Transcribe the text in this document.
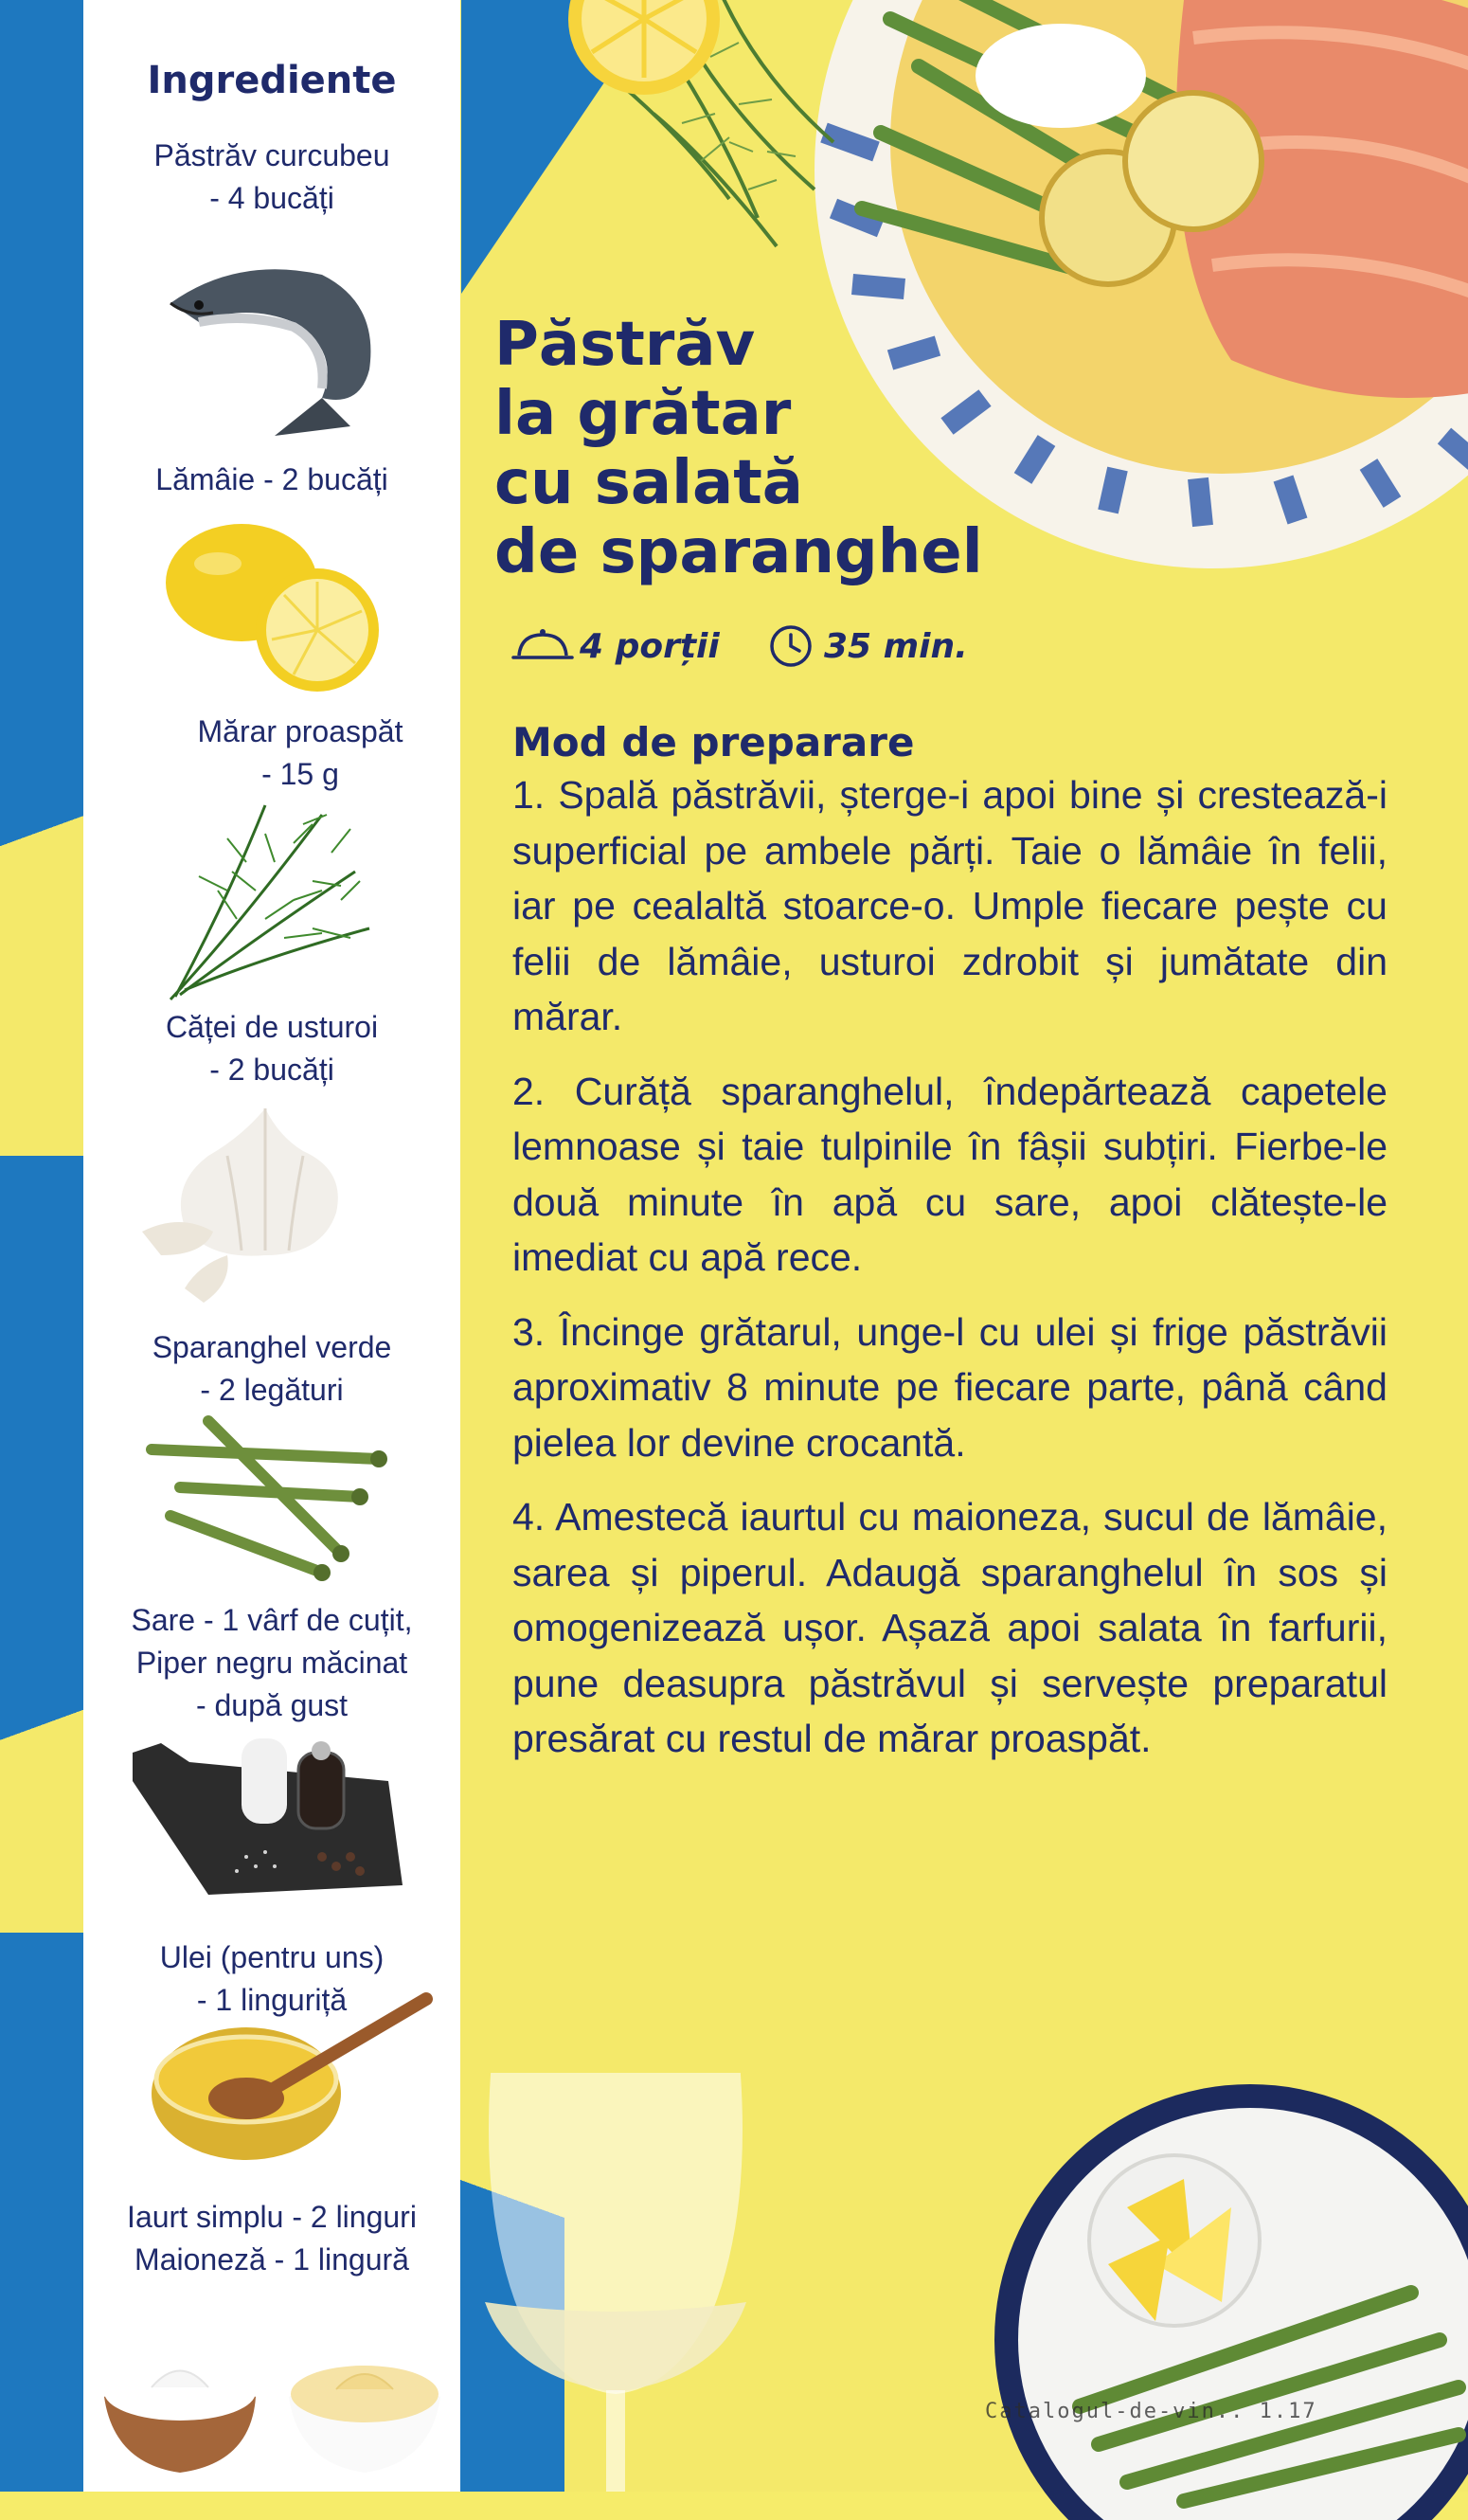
Ingrediente
Păstrăv curcubeu
- 4 bucăți
Lămâie - 2 bucăți
Mărar proaspăt
- 15 g
Căței de usturoi
- 2 bucăți
Sparanghel verde
- 2 legături
Sare - 1 vârf de cuțit,
Piper negru măcinat
- după gust
Ulei (pentru uns)
- 1 linguriță
Iaurt simplu - 2 linguri
Maioneză - 1 lingură
Păstrăv
la grătar
cu salată
de sparanghel
4 porții	35 min.
Mod de preparare

1. Spală păstrăvii, șterge-i apoi bine și crestează-i superficial pe ambele părți. Taie o lămâie în felii, iar pe cealaltă stoarce-o. Umple fiecare pește cu felii de lămâie, usturoi zdrobit și jumătate din mărar.

2. Curăță sparanghelul, îndepărtează capetele lemnoase și taie tulpinile în fâșii subțiri. Fierbe-le două minute în apă cu sare, apoi clătește-le imediat cu apă rece.

3. Încinge grătarul, unge-l cu ulei și frige păstrăvii aproximativ 8 minute pe fiecare parte, până când pielea lor devine crocantă.

4. Amestecă iaurtul cu maioneza, sucul de lămâie, sarea și piperul. Adaugă sparanghelul în sos și omogenizează ușor. Așază apoi salata în farfurii, pune deasupra păstrăvul și servește preparatul presărat cu restul de mărar proaspăt.

Catalogul-de-vin.. 1.17
